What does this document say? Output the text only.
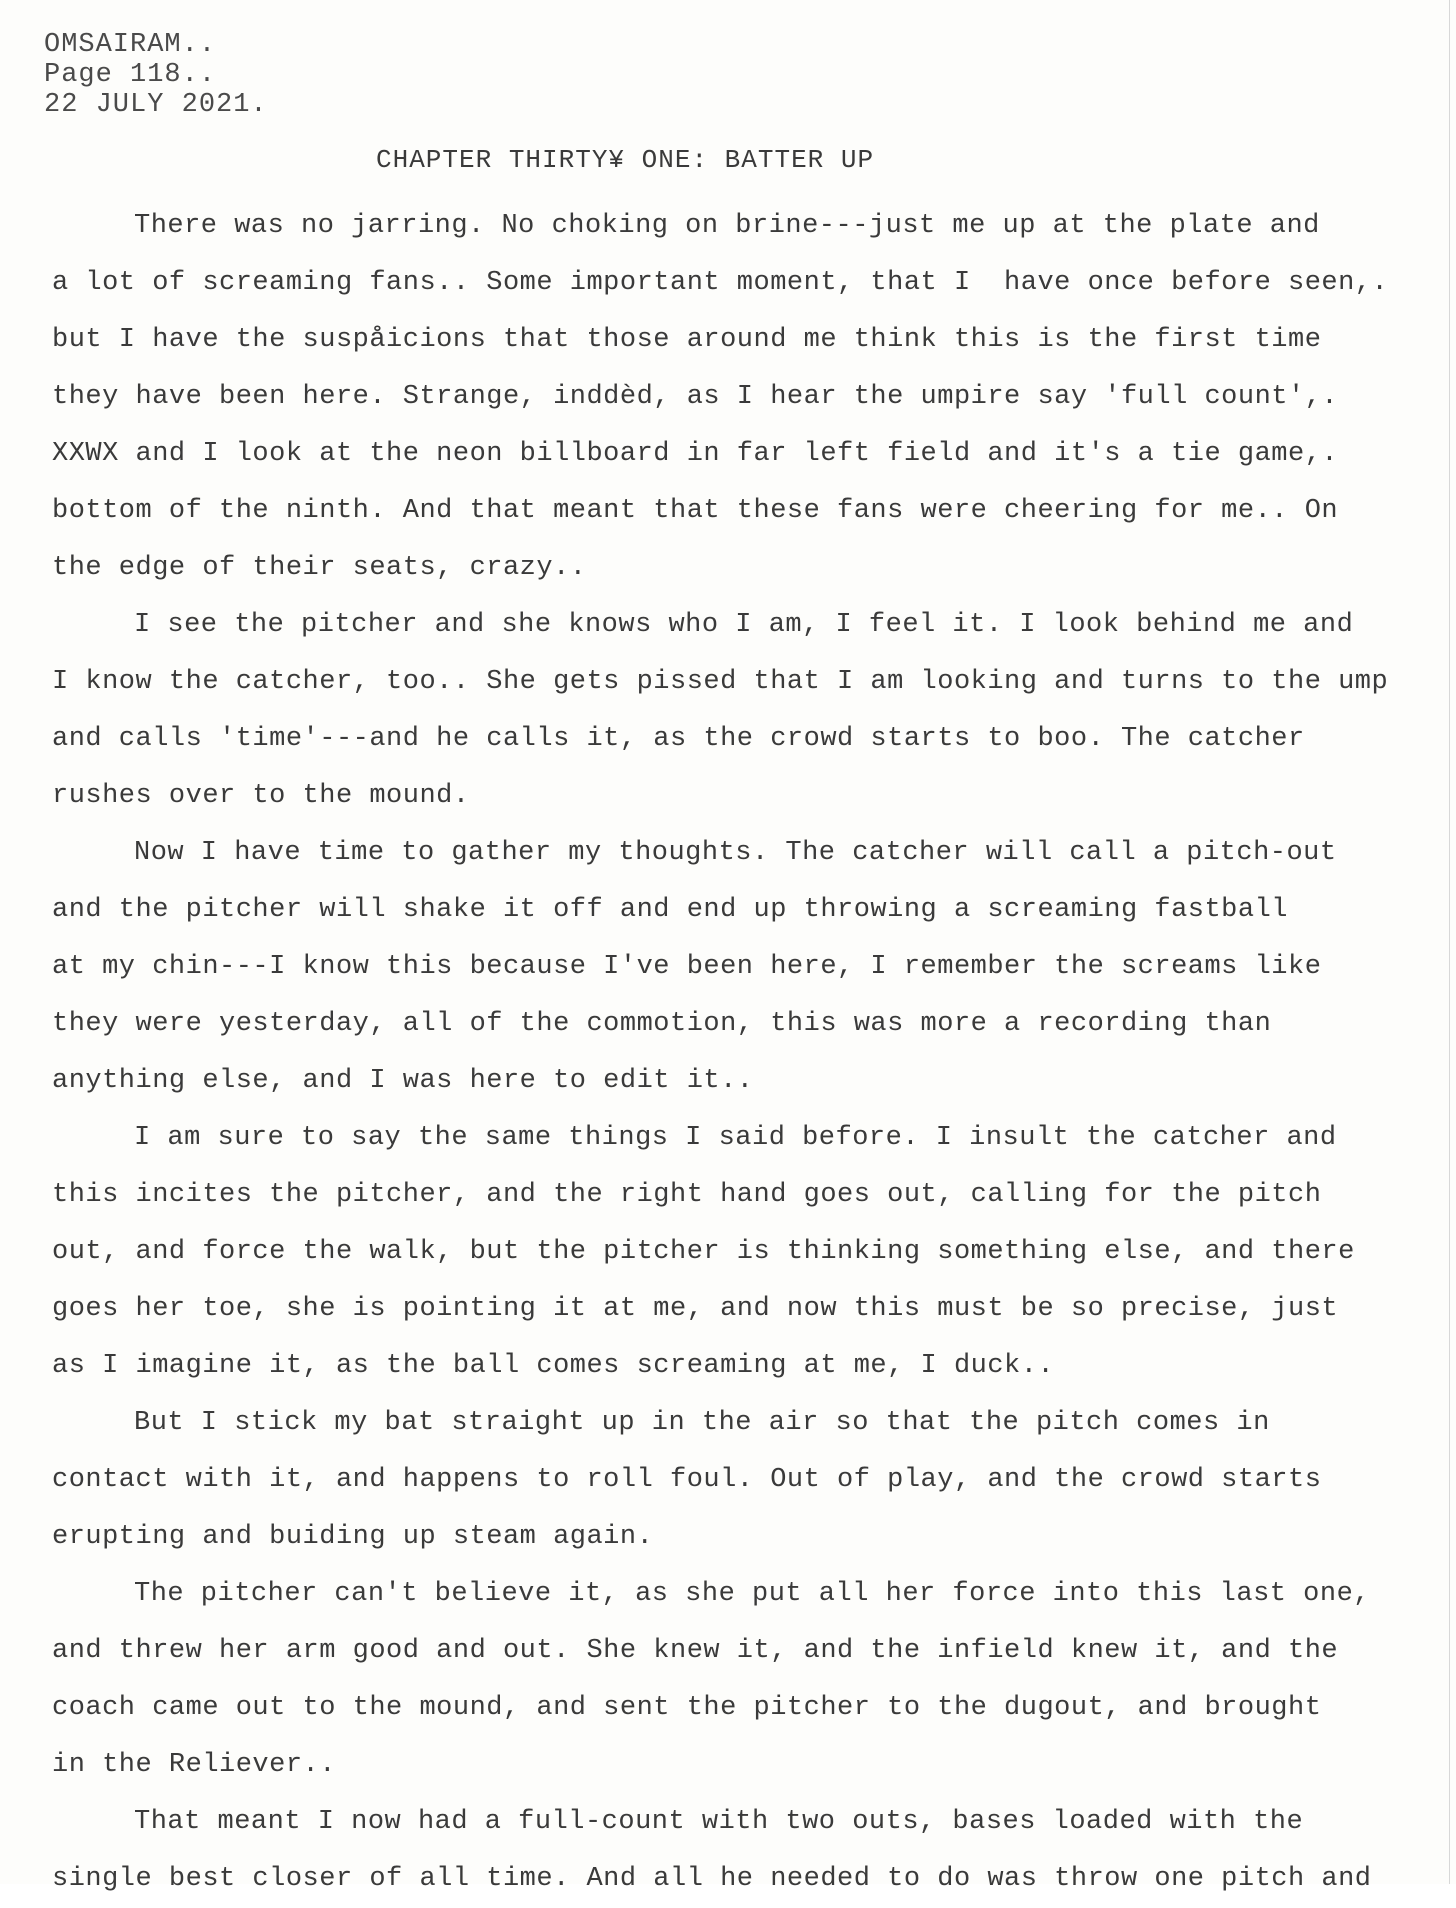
OMSAIRAM..
Page 118..
22 JULY 2021.
CHAPTER THIRTY¥ ONE: BATTER UP
There was no jarring. No choking on brine---just me up at the plate and
a lot of screaming fans.. Some important moment, that I  have once before seen,.
but I have the suspåicions that those around me think this is the first time
they have been here. Strange, inddèd, as I hear the umpire say 'full count',.
XXWX and I look at the neon billboard in far left field and it's a tie game,.
bottom of the ninth. And that meant that these fans were cheering for me.. On
the edge of their seats, crazy..
I see the pitcher and she knows who I am, I feel it. I look behind me and
I know the catcher, too.. She gets pissed that I am looking and turns to the ump
and calls 'time'---and he calls it, as the crowd starts to boo. The catcher
rushes over to the mound.
Now I have time to gather my thoughts. The catcher will call a pitch-out
and the pitcher will shake it off and end up throwing a screaming fastball
at my chin---I know this because I've been here, I remember the screams like
they were yesterday, all of the commotion, this was more a recording than
anything else, and I was here to edit it..
I am sure to say the same things I said before. I insult the catcher and
this incites the pitcher, and the right hand goes out, calling for the pitch
out, and force the walk, but the pitcher is thinking something else, and there
goes her toe, she is pointing it at me, and now this must be so precise, just
as I imagine it, as the ball comes screaming at me, I duck..
But I stick my bat straight up in the air so that the pitch comes in
contact with it, and happens to roll foul. Out of play, and the crowd starts
erupting and buiding up steam again.
The pitcher can't believe it, as she put all her force into this last one,
and threw her arm good and out. She knew it, and the infield knew it, and the
coach came out to the mound, and sent the pitcher to the dugout, and brought
in the Reliever..
That meant I now had a full-count with two outs, bases loaded with the
single best closer of all time. And all he needed to do was throw one pitch and
